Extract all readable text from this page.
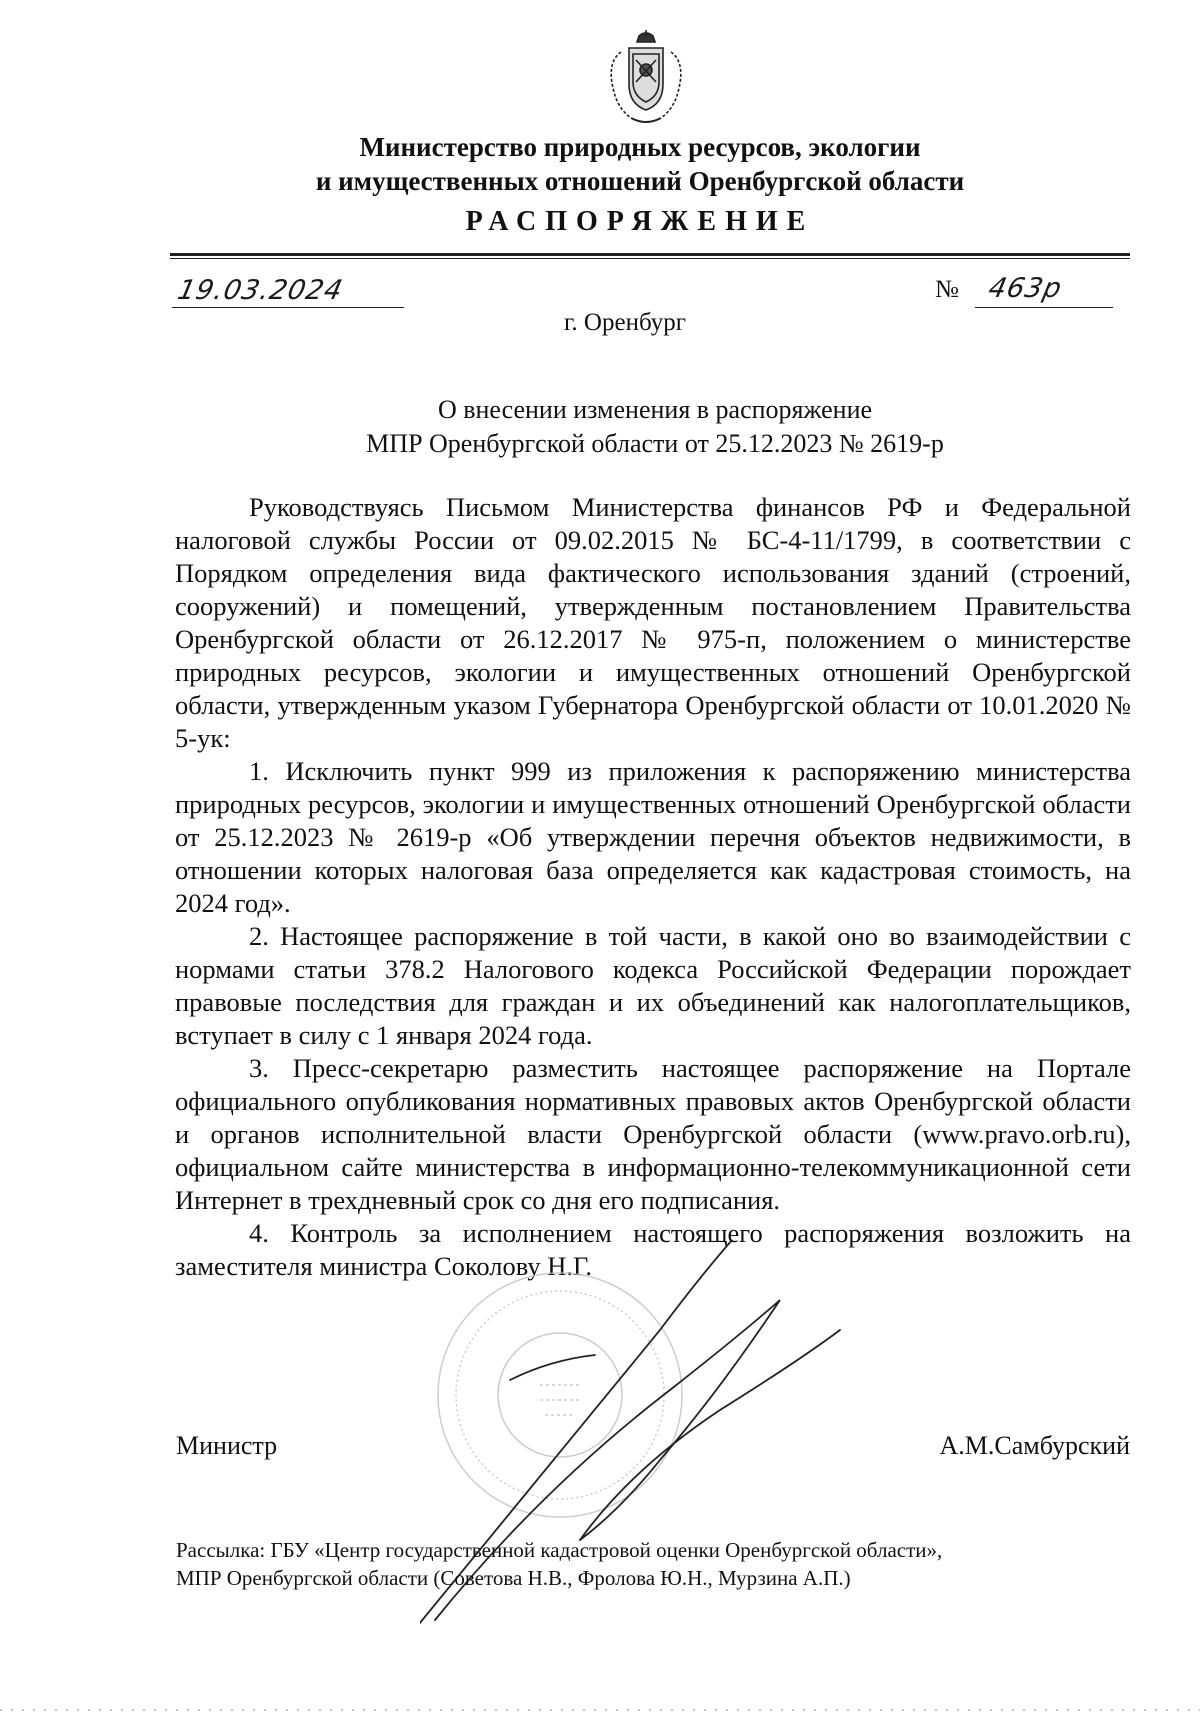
Министерство природных ресурсов, экологии
и имущественных отношений Оренбургской области
РАСПОРЯЖЕНИЕ
19.03.2024	№ 463р
г. Оренбург
О внесении изменения в распоряжение
МПР Оренбургской области от 25.12.2023 № 2619-р

Руководствуясь Письмом Министерства финансов РФ и Федеральной налоговой службы России от 09.02.2015 № БС-4-11/1799, в соответствии с Порядком определения вида фактического использования зданий (строений, сооружений) и помещений, утвержденным постановлением Правительства Оренбургской области от 26.12.2017 № 975-п, положением о министерстве природных ресурсов, экологии и имущественных отношений Оренбургской области, утвержденным указом Губернатора Оренбургской области от 10.01.2020 № 5-ук:

1. Исключить пункт 999 из приложения к распоряжению министерства природных ресурсов, экологии и имущественных отношений Оренбургской области от 25.12.2023 № 2619-р «Об утверждении перечня объектов недвижимости, в отношении которых налоговая база определяется как кадастровая стоимость, на 2024 год».

2. Настоящее распоряжение в той части, в какой оно во взаимодействии с нормами статьи 378.2 Налогового кодекса Российской Федерации порождает правовые последствия для граждан и их объединений как налогоплательщиков, вступает в силу с 1 января 2024 года.

3. Пресс-секретарю разместить настоящее распоряжение на Портале официального опубликования нормативных правовых актов Оренбургской области и органов исполнительной власти Оренбургской области (www.pravo.orb.ru), официальном сайте министерства в информационно-телекоммуникационной сети Интернет в трехдневный срок со дня его подписания.

4. Контроль за исполнением настоящего распоряжения возложить на заместителя министра Соколову Н.Г.

Министр	А.М.Самбурский

Рассылка: ГБУ «Центр государственной кадастровой оценки Оренбургской области»,

МПР Оренбургской области (Советова Н.В., Фролова Ю.Н., Мурзина А.П.)
